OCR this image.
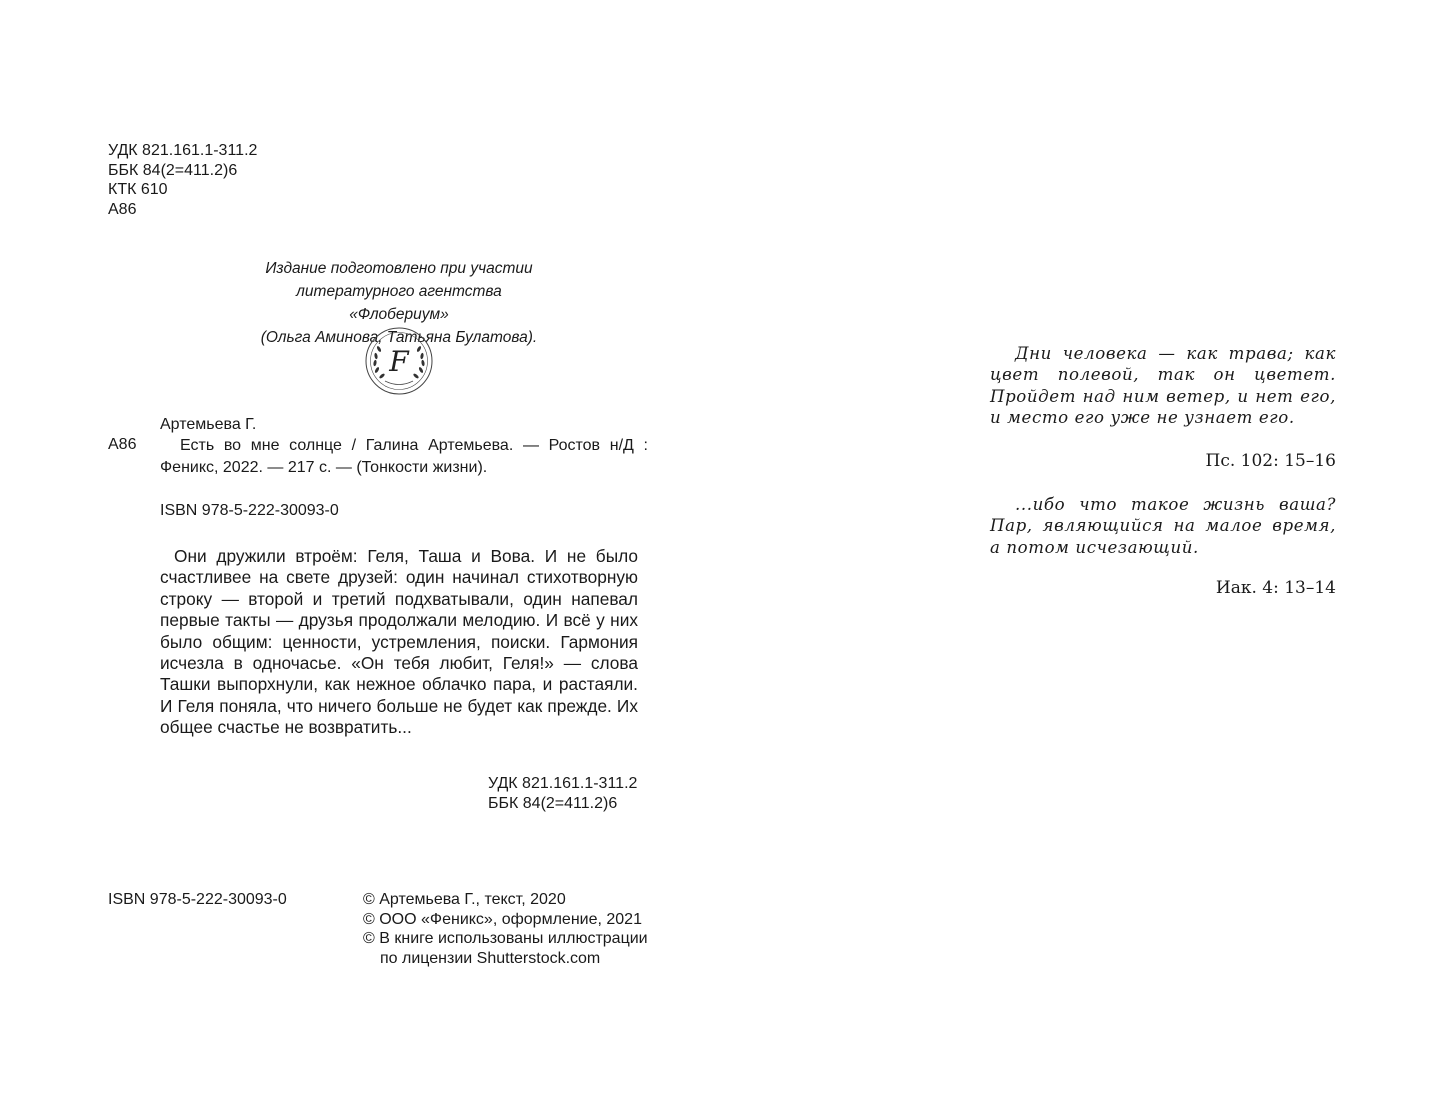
УДК 821.161.1-311.2
ББК 84(2=411.2)6
КТК 610
А86
Издание подготовлено при участии
литературного агентства «Флобериум»
(Ольга Аминова, Татьяна Булатова).
F
Артемьева Г.
А86	Есть во мне солнце / Галина Артемьева. — Ростов н/Д : Феникс, 2022. — 217 с. — (Тонкости жизни).
ISBN 978-5-222-30093-0
Они дружили втроём: Геля, Таша и Вова. И не было счастливее на свете друзей: один начинал стихотворную строку — второй и третий подхватывали, один напевал первые такты — друзья продолжали мелодию. И всё у них было общим: ценности, устремления, поиски. Гармония исчезла в одночасье. «Он тебя любит, Геля!» — слова Ташки выпорхнули, как нежное облачко пара, и растаяли. И Геля поняла, что ничего больше не будет как прежде. Их общее счастье не возвратить...
УДК 821.161.1-311.2
ББК 84(2=411.2)6
ISBN 978-5-222-30093-0	© Артемьева Г., текст, 2020
© ООО «Феникс», оформление, 2021
© В книге использованы иллюстрации
по лицензии Shutterstock.com
Дни человека — как трава; как цвет полевой, так он цветет. Пройдет над ним ветер, и нет его, и место его уже не узнает его.
Пс. 102: 15–16
...ибо что такое жизнь ваша? Пар, являющийся на малое время, а потом исчезающий.
Иак. 4: 13–14
